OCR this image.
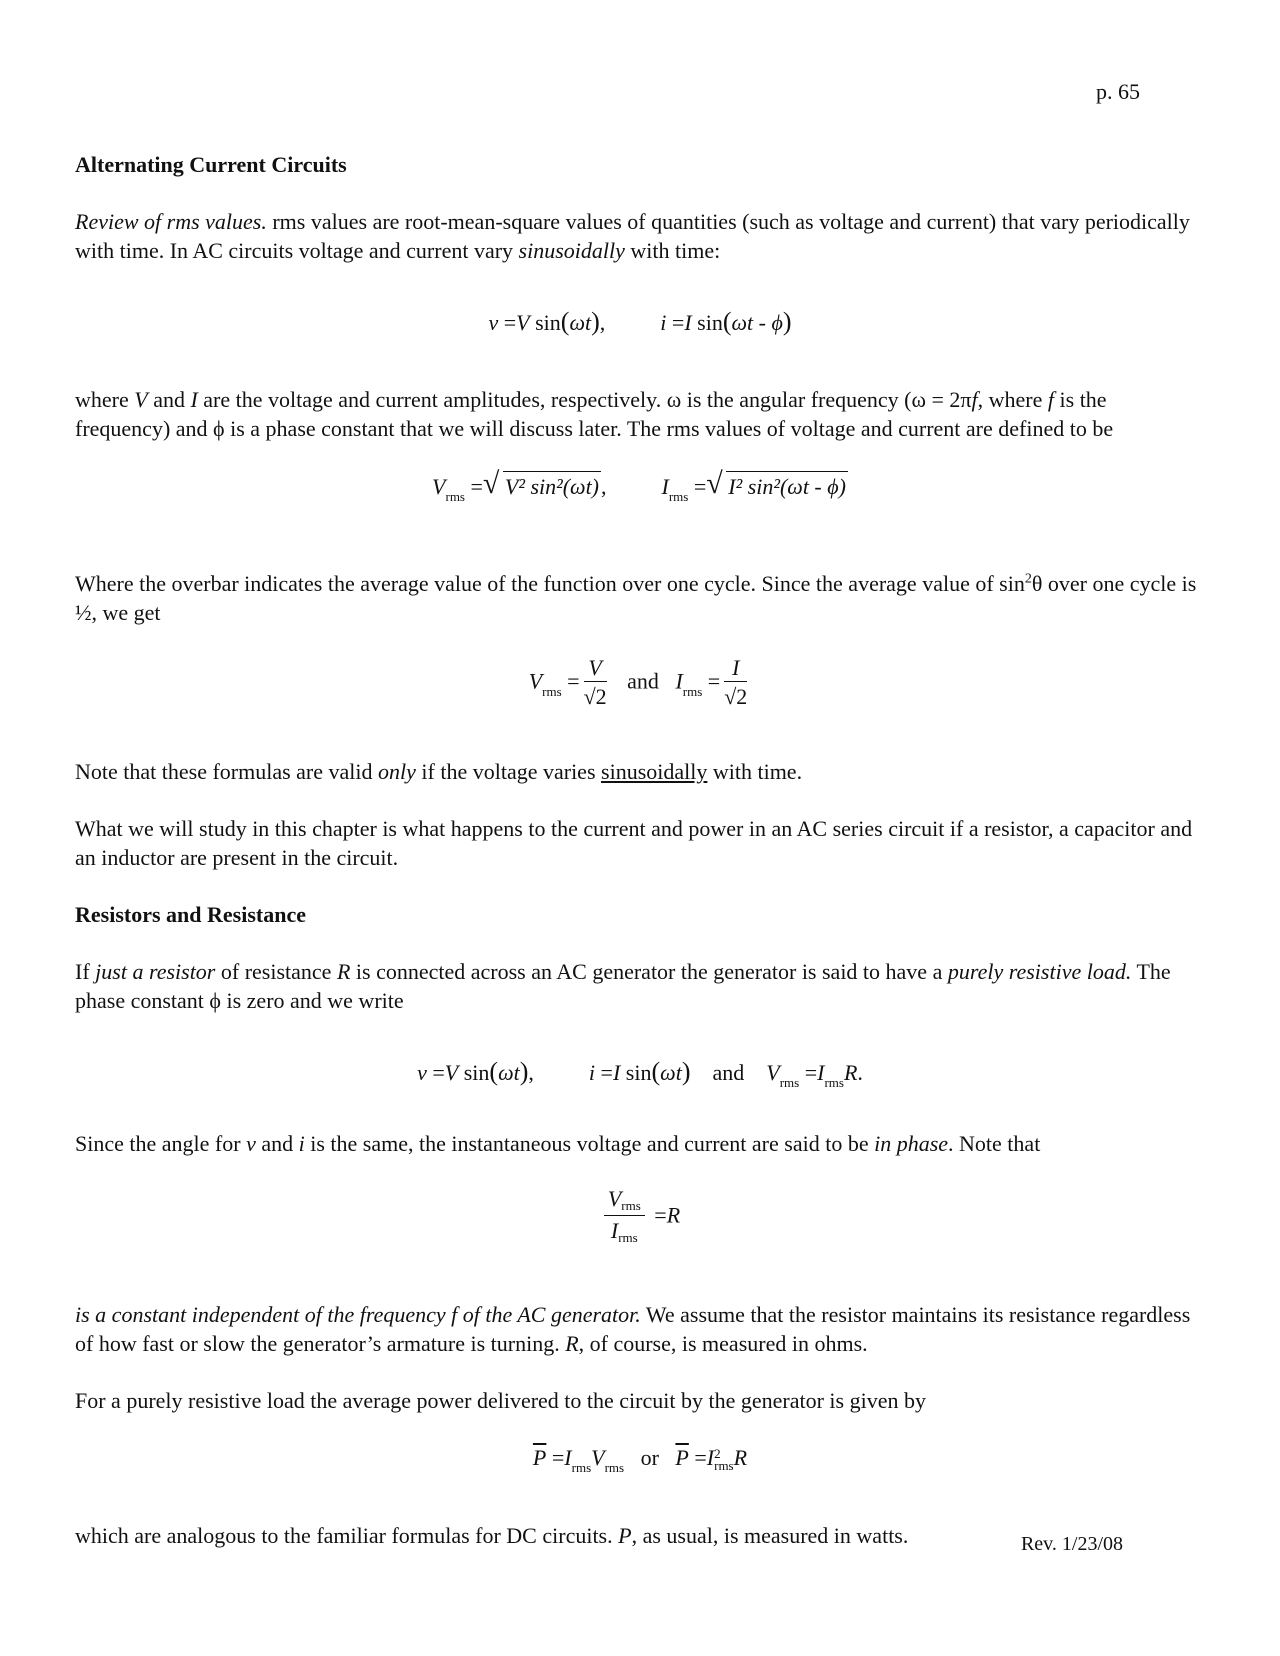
p. 65
Alternating Current Circuits

Review of rms values. rms values are root-mean-square values of quantities (such as voltage and current) that vary periodically with time. In AC circuits voltage and current vary sinusoidally with time:

v =V sin(ωt),	i =I sin(ωt - ϕ)

where V and I are the voltage and current amplitudes, respectively. ω is the angular frequency (ω = 2πf, where f is the frequency) and ϕ is a phase constant that we will discuss later. The rms values of voltage and current are defined to be

$V_{rms}$ = √ V² sin²(ωt),	$I_{rms}$ = √ I² sin²(ωt - ϕ)

Where the overbar indicates the average value of the function over one cycle. Since the average value of $\sin^2\theta$ over one cycle is ½, we get

$V_{rms} = \frac{V}{√2}$ and $I_{rms} = \frac{I}{√2}$

Note that these formulas are valid only if the voltage varies sinusoidally with time.

What we will study in this chapter is what happens to the current and power in an AC series circuit if a resistor, a capacitor and an inductor are present in the circuit.

Resistors and Resistance

If just a resistor of resistance R is connected across an AC generator the generator is said to have a purely resistive load. The phase constant ϕ is zero and we write

v =V sin(ωt),  i =I sin(ωt) and $V_{rms} =I_{rms}R$.

Since the angle for v and i is the same, the instantaneous voltage and current are said to be in phase. Note that

$\frac{\text{Vrms}}{\text{Irms}} =R$

is a constant independent of the frequency f of the AC generator. We assume that the resistor maintains its resistance regardless of how fast or slow the generator’s armature is turning. R, of course, is measured in ohms.

For a purely resistive load the average power delivered to the circuit by the generator is given by

$\overline{P} =I_{rms}V_{rms}$ or $\overline{P} =I$ 2
rms R

which are analogous to the familiar formulas for DC circuits. P, as usual, is measured in watts.	Rev. 1/23/08
